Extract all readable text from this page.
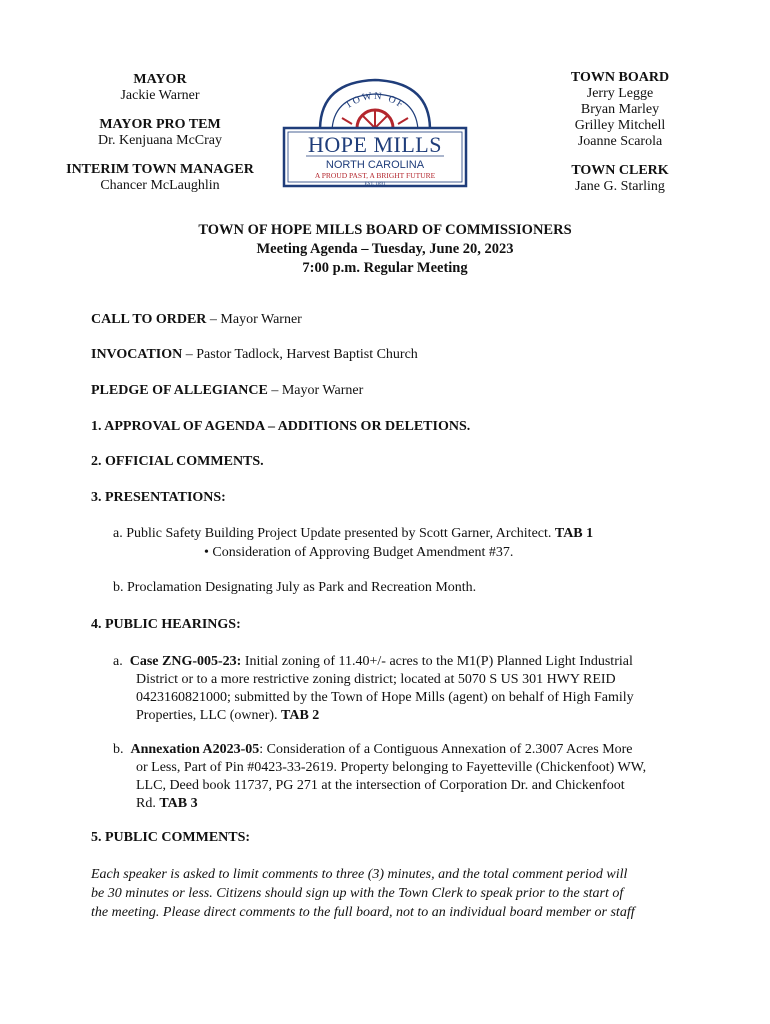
MAYOR
Jackie Warner
MAYOR PRO TEM
Dr. Kenjuana McCray
INTERIM TOWN MANAGER
Chancer McLaughlin
TOWN BOARD
Jerry Legge
Bryan Marley
Grilley Mitchell
Joanne Scarola
TOWN CLERK
Jane G. Starling
TOWN OF
HOPE MILLS
NORTH CAROLINA
A PROUD PAST, A BRIGHT FUTURE
EST. 1891
TOWN OF HOPE MILLS BOARD OF COMMISSIONERS
Meeting Agenda – Tuesday, June 20, 2023
7:00 p.m. Regular Meeting
CALL TO ORDER – Mayor Warner
INVOCATION – Pastor Tadlock, Harvest Baptist Church
PLEDGE OF ALLEGIANCE – Mayor Warner
1. APPROVAL OF AGENDA – ADDITIONS OR DELETIONS.
2. OFFICIAL COMMENTS.
3. PRESENTATIONS:
a. Public Safety Building Project Update presented by Scott Garner, Architect. TAB 1
• Consideration of Approving Budget Amendment #37.
b. Proclamation Designating July as Park and Recreation Month.
4. PUBLIC HEARINGS:
a.  Case ZNG-005-23: Initial zoning of 11.40+/- acres to the M1(P) Planned Light Industrial
District or to a more restrictive zoning district; located at 5070 S US 301 HWY REID
0423160821000; submitted by the Town of Hope Mills (agent) on behalf of High Family
Properties, LLC (owner). TAB 2
b.  Annexation A2023-05: Consideration of a Contiguous Annexation of 2.3007 Acres More
or Less, Part of Pin #0423-33-2619. Property belonging to Fayetteville (Chickenfoot) WW,
LLC, Deed book 11737, PG 271 at the intersection of Corporation Dr. and Chickenfoot
Rd. TAB 3
5. PUBLIC COMMENTS:
Each speaker is asked to limit comments to three (3) minutes, and the total comment period will
be 30 minutes or less. Citizens should sign up with the Town Clerk to speak prior to the start of
the meeting. Please direct comments to the full board, not to an individual board member or staff
